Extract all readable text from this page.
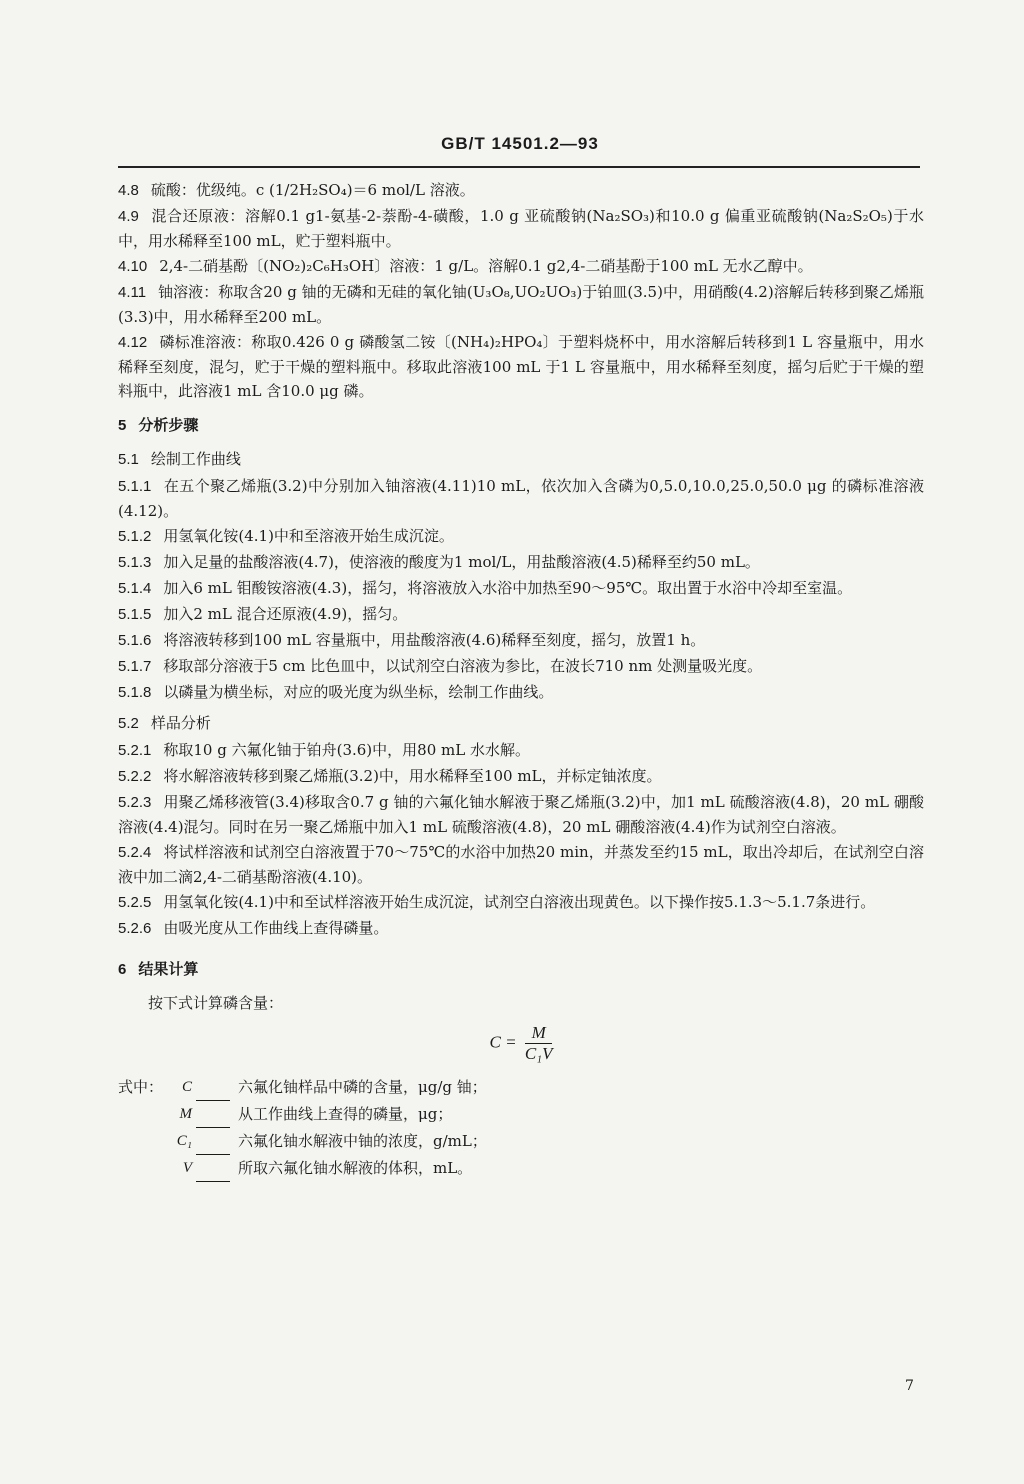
GB/T 14501.2—93
4.8 硫酸：优级纯。c (1/2H₂SO₄)＝6 mol/L 溶液。
4.9 混合还原液：溶解0.1 g1-氨基-2-萘酚-4-磺酸，1.0 g 亚硫酸钠(Na₂SO₃)和10.0 g 偏重亚硫酸钠(Na₂S₂O₅)于水中，用水稀释至100 mL，贮于塑料瓶中。
4.10 2,4-二硝基酚〔(NO₂)₂C₆H₃OH〕溶液：1 g/L。溶解0.1 g2,4-二硝基酚于100 mL 无水乙醇中。
4.11 铀溶液：称取含20 g 铀的无磷和无硅的氧化铀(U₃O₈,UO₂UO₃)于铂皿(3.5)中，用硝酸(4.2)溶解后转移到聚乙烯瓶(3.3)中，用水稀释至200 mL。
4.12 磷标准溶液：称取0.426 0 g 磷酸氢二铵〔(NH₄)₂HPO₄〕于塑料烧杯中，用水溶解后转移到1 L 容量瓶中，用水稀释至刻度，混匀，贮于干燥的塑料瓶中。移取此溶液100 mL 于1 L 容量瓶中，用水稀释至刻度，摇匀后贮于干燥的塑料瓶中，此溶液1 mL 含10.0 μg 磷。
5 分析步骤
5.1 绘制工作曲线
5.1.1 在五个聚乙烯瓶(3.2)中分别加入铀溶液(4.11)10 mL，依次加入含磷为0,5.0,10.0,25.0,50.0 μg 的磷标准溶液(4.12)。
5.1.2 用氢氧化铵(4.1)中和至溶液开始生成沉淀。
5.1.3 加入足量的盐酸溶液(4.7)，使溶液的酸度为1 mol/L，用盐酸溶液(4.5)稀释至约50 mL。
5.1.4 加入6 mL 钼酸铵溶液(4.3)，摇匀，将溶液放入水浴中加热至90～95℃。取出置于水浴中冷却至室温。
5.1.5 加入2 mL 混合还原液(4.9)，摇匀。
5.1.6 将溶液转移到100 mL 容量瓶中，用盐酸溶液(4.6)稀释至刻度，摇匀，放置1 h。
5.1.7 移取部分溶液于5 cm 比色皿中，以试剂空白溶液为参比，在波长710 nm 处测量吸光度。
5.1.8 以磷量为横坐标，对应的吸光度为纵坐标，绘制工作曲线。
5.2 样品分析
5.2.1 称取10 g 六氟化铀于铂舟(3.6)中，用80 mL 水水解。
5.2.2 将水解溶液转移到聚乙烯瓶(3.2)中，用水稀释至100 mL，并标定铀浓度。
5.2.3 用聚乙烯移液管(3.4)移取含0.7 g 铀的六氟化铀水解液于聚乙烯瓶(3.2)中，加1 mL 硫酸溶液(4.8)，20 mL 硼酸溶液(4.4)混匀。同时在另一聚乙烯瓶中加入1 mL 硫酸溶液(4.8)，20 mL 硼酸溶液(4.4)作为试剂空白溶液。
5.2.4 将试样溶液和试剂空白溶液置于70～75℃的水浴中加热20 min，并蒸发至约15 mL，取出冷却后，在试剂空白溶液中加二滴2,4-二硝基酚溶液(4.10)。
5.2.5 用氢氧化铵(4.1)中和至试样溶液开始生成沉淀，试剂空白溶液出现黄色。以下操作按5.1.3～5.1.7条进行。
5.2.6 由吸光度从工作曲线上查得磷量。
6 结果计算
按下式计算磷含量：
$C = \frac{M}{\text{C₁V}}$
式中：	C	六氟化铀样品中磷的含量，μg/g 铀；
M	从工作曲线上查得的磷量，μg；
C₁	六氟化铀水解液中铀的浓度，g/mL；
V	所取六氟化铀水解液的体积，mL。
7
